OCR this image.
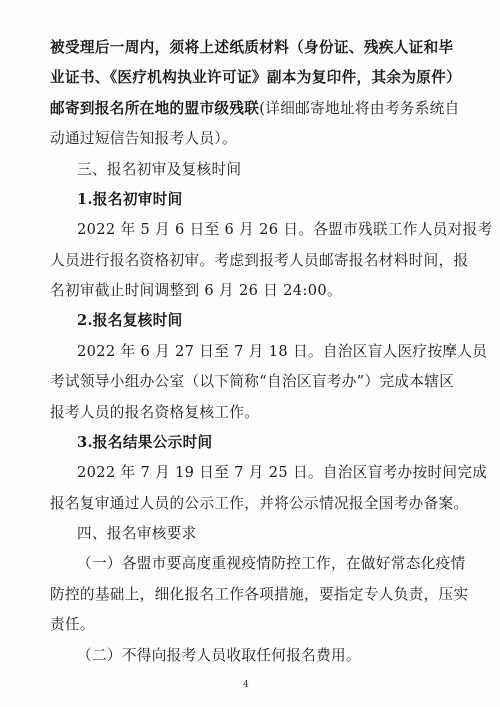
被受理后一周内，须将上述纸质材料（身份证、残疾人证和毕
业证书、《医疗机构执业许可证》副本为复印件，其余为原件）
邮寄到报名所在地的盟市级残联(详细邮寄地址将由考务系统自
动通过短信告知报考人员）。
三、报名初审及复核时间
1.报名初审时间
2022 年 5 月 6 日至 6 月 26 日。各盟市残联工作人员对报考
人员进行报名资格初审。考虑到报考人员邮寄报名材料时间，报
名初审截止时间调整到 6 月 26 日 24:00。
2.报名复核时间
2022 年 6 月 27 日至 7 月 18 日。自治区盲人医疗按摩人员
考试领导小组办公室（以下简称“自治区盲考办”）完成本辖区
报考人员的报名资格复核工作。
3.报名结果公示时间
2022 年 7 月 19 日至 7 月 25 日。自治区盲考办按时间完成
报名复审通过人员的公示工作，并将公示情况报全国考办备案。
四、报名审核要求
（一）各盟市要高度重视疫情防控工作，在做好常态化疫情
防控的基础上，细化报名工作各项措施，要指定专人负责，压实
责任。
（二）不得向报考人员收取任何报名费用。
4
